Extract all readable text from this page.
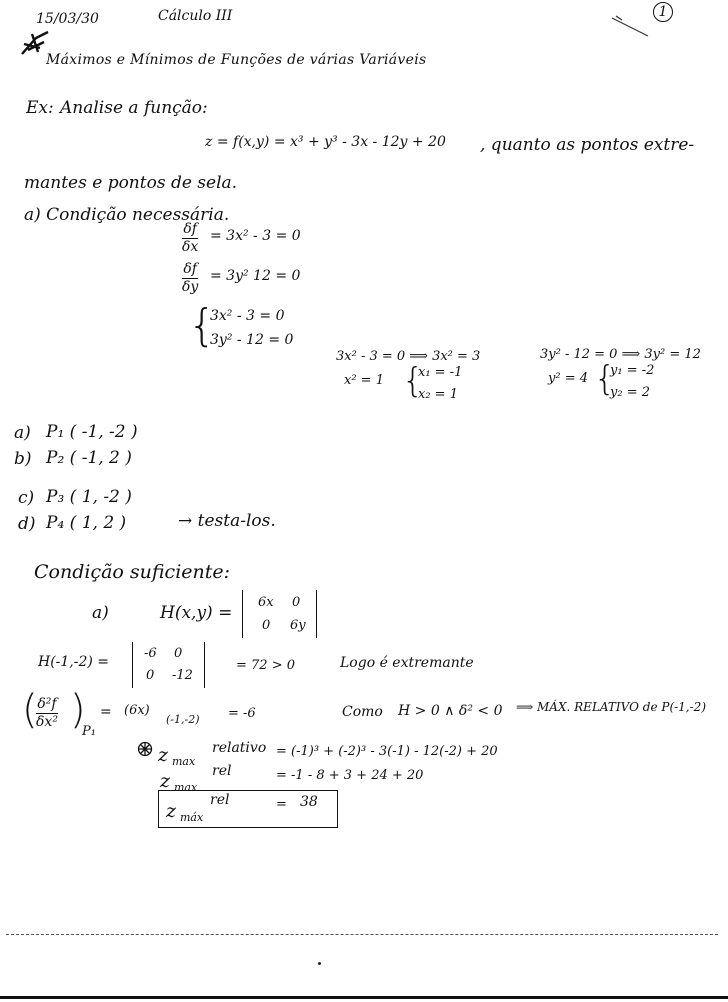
15/03/30	Cálculo III	1
Máximos e Mínimos de Funções de várias Variáveis
Ex: Analise a função:
z = f(x,y) = x³ + y³ - 3x - 12y + 20 , quanto as pontos extre-
mantes e pontos de sela.
a) Condição necessária.
$\frac{\delta f}{\delta x} = 3x^2 - 3 = 0$
$\frac{\delta f}{\delta y} = 3y^2$ 12 = 0
{
3x² - 3 = 0
3y² - 12 = 0
3x² - 3 = 0 ⟹ 3x² = 3
x² = 1 {
x₁ = -1
x₂ = 1
3y² - 12 = 0 ⟹ 3y² = 12
y² = 4 {
y₁ = -2
y₂ = 2
a) P₁ ( -1, -2 )
b) P₂ ( -1, 2 )
c) P₃ ( 1, -2 )
d) P₄ ( 1, 2 )	→ testa-los.
Condição suficiente:
a)	H(x,y) =
6x 0
0 6y
H(-1,-2) =
-6 0
0 -12
= 72 > 0	Logo é extremante
(
$\frac{\text{δ²f}}{\text{δx²}}$ )
P₁
= (6x)
(-1,-2) = -6	Como H > 0 ∧ δ² < 0 ⟹ MÁX. RELATIVO de P(-1,-2)
z max
relativo = (-1)³ + (-2)³ - 3(-1) - 12(-2) + 20
z max
rel	= -1 - 8 + 3 + 24 + 20
z máx
rel	= 38
